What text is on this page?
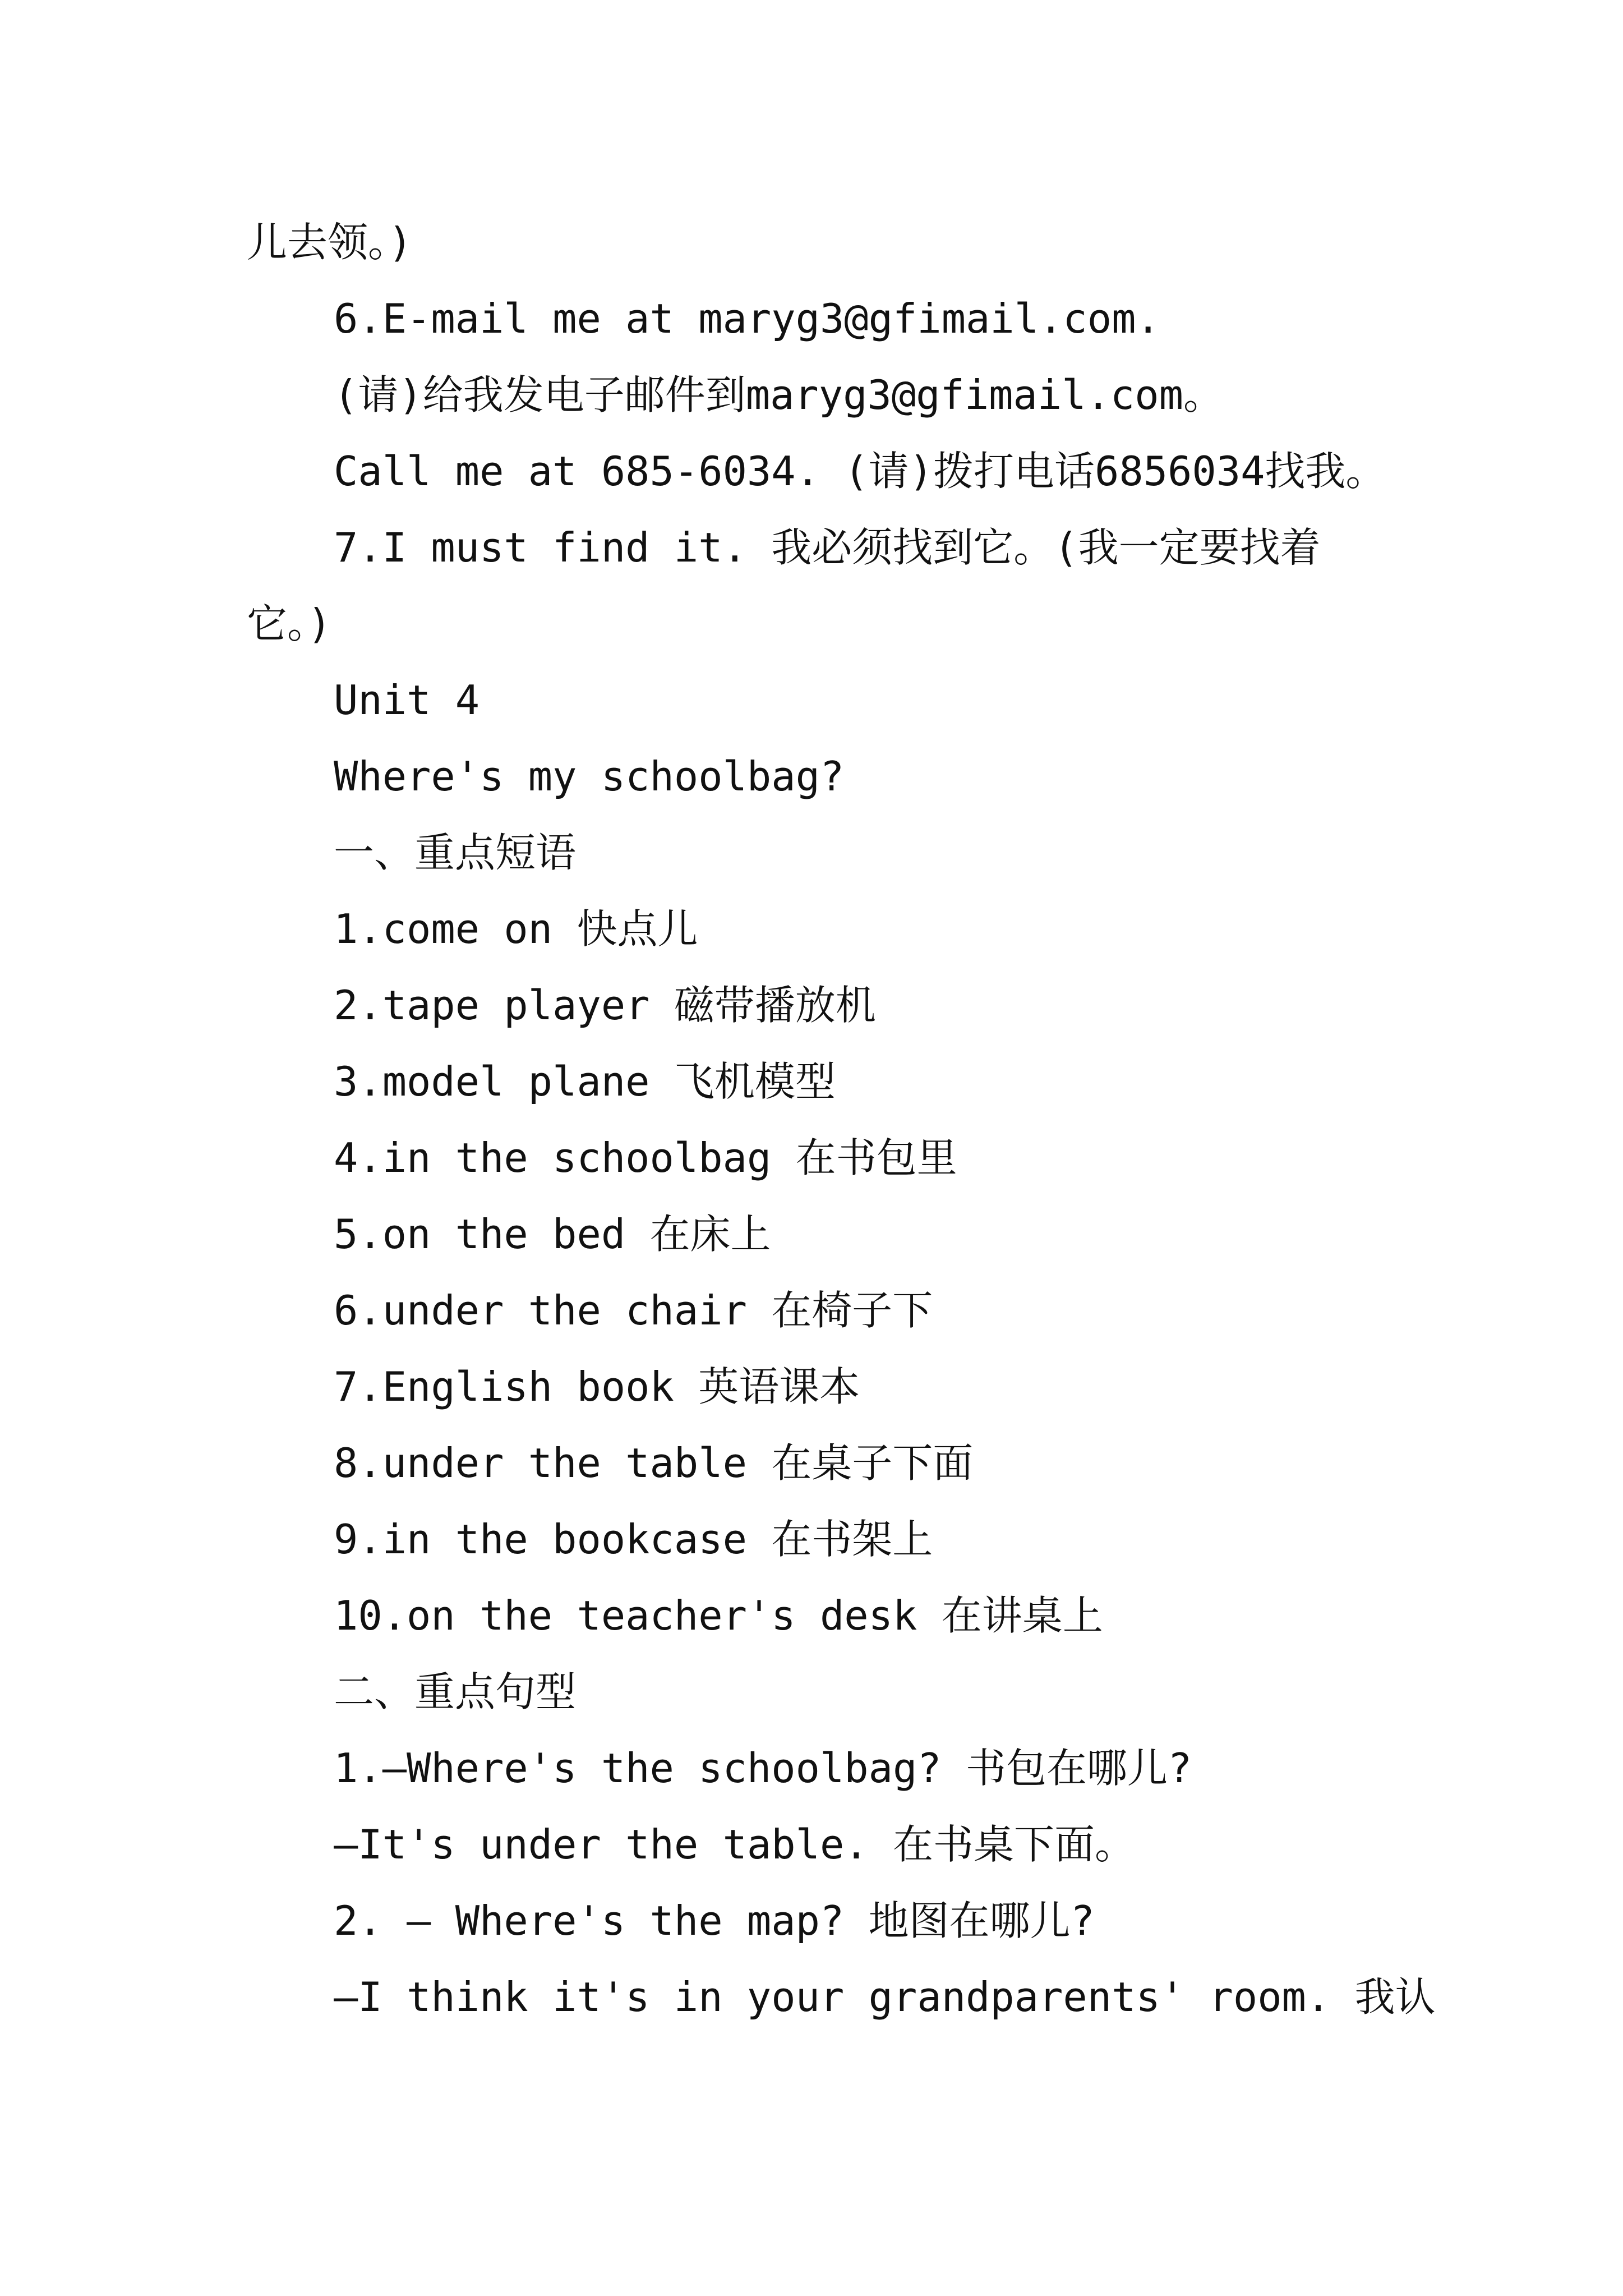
儿去领。)
6.E-mail me at maryg3@gfimail.com.
(请)给我发电子邮件到maryg3@gfimail.com。
Call me at 685-6034. (请)拨打电话6856034找我。
7.I must find it. 我必须找到它。(我一定要找着
它。)
Unit 4
Where's my schoolbag?
一、重点短语
1.come on 快点儿
2.tape player 磁带播放机
3.model plane 飞机模型
4.in the schoolbag 在书包里
5.on the bed 在床上
6.under the chair 在椅子下
7.English book 英语课本
8.under the table 在桌子下面
9.in the bookcase 在书架上
10.on the teacher's desk 在讲桌上
二、重点句型
1.—Where's the schoolbag? 书包在哪儿?
—It's under the table. 在书桌下面。
2. — Where's the map? 地图在哪儿?
—I think it's in your grandparents' room. 我认
